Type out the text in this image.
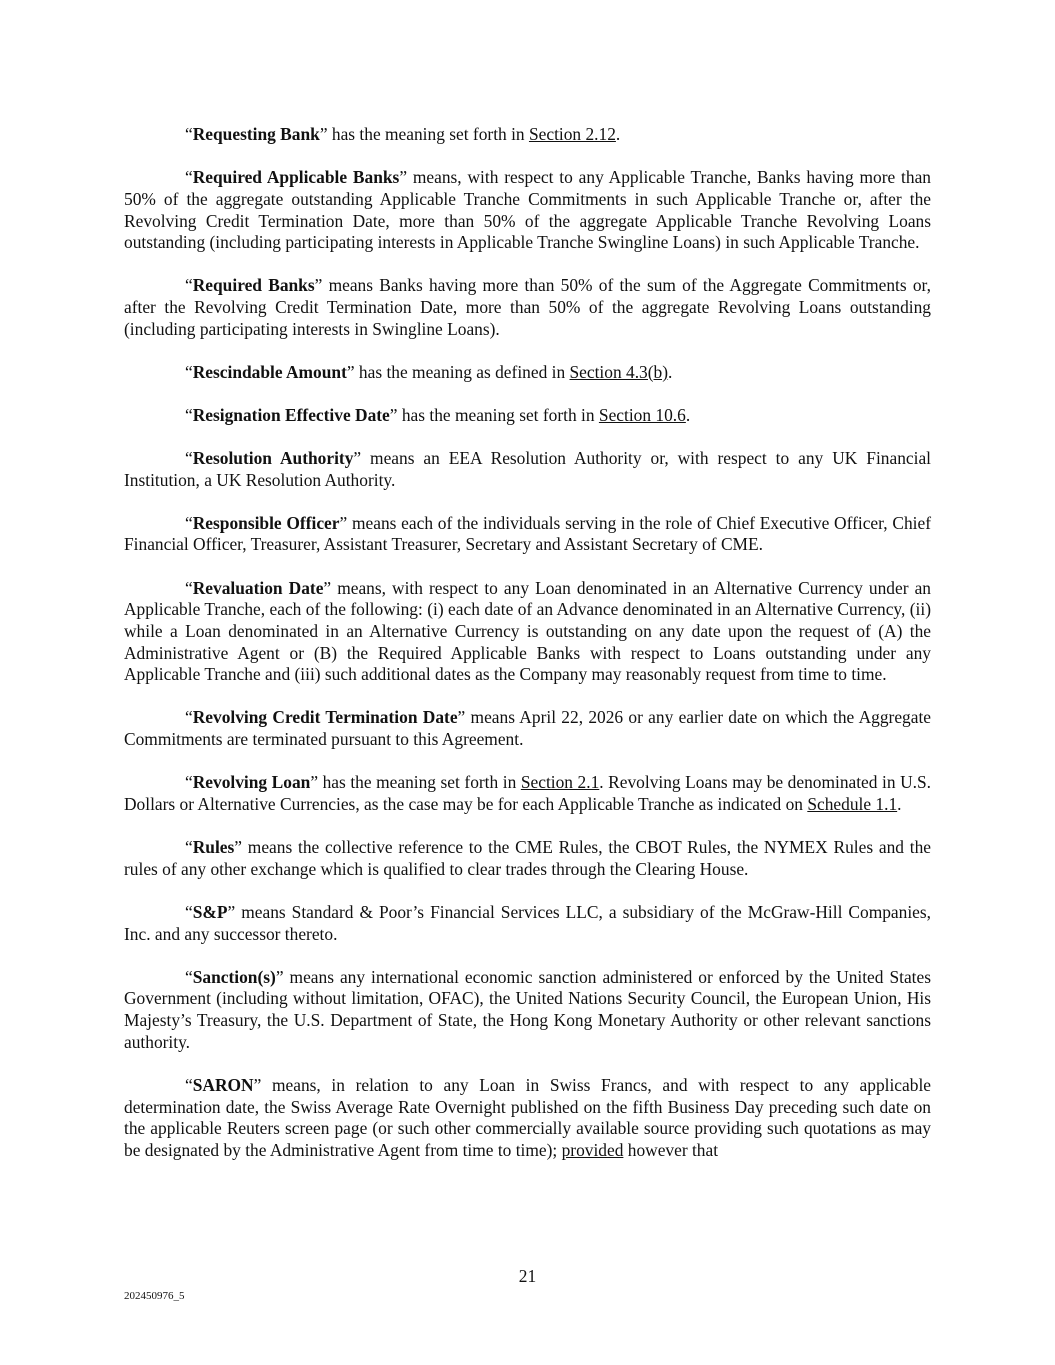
“Requesting Bank” has the meaning set forth in Section 2.12.

“Required Applicable Banks” means, with respect to any Applicable Tranche, Banks having more than 50% of the aggregate outstanding Applicable Tranche Commitments in such Applicable Tranche or, after the Revolving Credit Termination Date, more than 50% of the aggregate Applicable Tranche Revolving Loans outstanding (including participating interests in Applicable Tranche Swingline Loans) in such Applicable Tranche.

“Required Banks” means Banks having more than 50% of the sum of the Aggregate Commitments or, after the Revolving Credit Termination Date, more than 50% of the aggregate Revolving Loans outstanding (including participating interests in Swingline Loans).

“Rescindable Amount” has the meaning as defined in Section 4.3(b).

“Resignation Effective Date” has the meaning set forth in Section 10.6.

“Resolution Authority” means an EEA Resolution Authority or, with respect to any UK Financial Institution, a UK Resolution Authority.

“Responsible Officer” means each of the individuals serving in the role of Chief Executive Officer, Chief Financial Officer, Treasurer, Assistant Treasurer, Secretary and Assistant Secretary of CME.

“Revaluation Date” means, with respect to any Loan denominated in an Alternative Currency under an Applicable Tranche, each of the following: (i) each date of an Advance denominated in an Alternative Currency, (ii) while a Loan denominated in an Alternative Currency is outstanding on any date upon the request of (A) the Administrative Agent or (B) the Required Applicable Banks with respect to Loans outstanding under any Applicable Tranche and (iii) such additional dates as the Company may reasonably request from time to time.

“Revolving Credit Termination Date” means April 22, 2026 or any earlier date on which the Aggregate Commitments are terminated pursuant to this Agreement.

“Revolving Loan” has the meaning set forth in Section 2.1. Revolving Loans may be denominated in U.S. Dollars or Alternative Currencies, as the case may be for each Applicable Tranche as indicated on Schedule 1.1.

“Rules” means the collective reference to the CME Rules, the CBOT Rules, the NYMEX Rules and the rules of any other exchange which is qualified to clear trades through the Clearing House.

“S&P” means Standard & Poor’s Financial Services LLC, a subsidiary of the McGraw-Hill Companies, Inc. and any successor thereto.

“Sanction(s)” means any international economic sanction administered or enforced by the United States Government (including without limitation, OFAC), the United Nations Security Council, the European Union, His Majesty’s Treasury, the U.S. Department of State, the Hong Kong Monetary Authority or other relevant sanctions authority.

“SARON” means, in relation to any Loan in Swiss Francs, and with respect to any applicable determination date, the Swiss Average Rate Overnight published on the fifth Business Day preceding such date on the applicable Reuters screen page (or such other commercially available source providing such quotations as may be designated by the Administrative Agent from time to time); provided however that

21
202450976_5
